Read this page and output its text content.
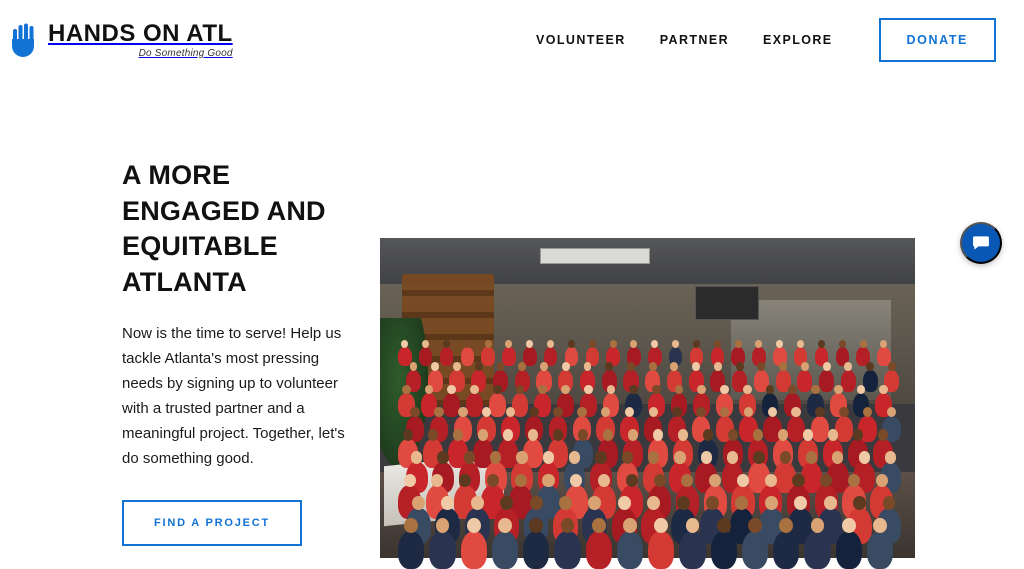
HANDS ON ATL
Do Something Good
VOLUNTEER	PARTNER	EXPLORE	DONATE
A MORE ENGAGED AND EQUITABLE ATLANTA

Now is the time to serve! Help us tackle Atlanta's most pressing needs by signing up to volunteer with a trusted partner and a meaningful project. Together, let's do something good.

FIND A PROJECT
